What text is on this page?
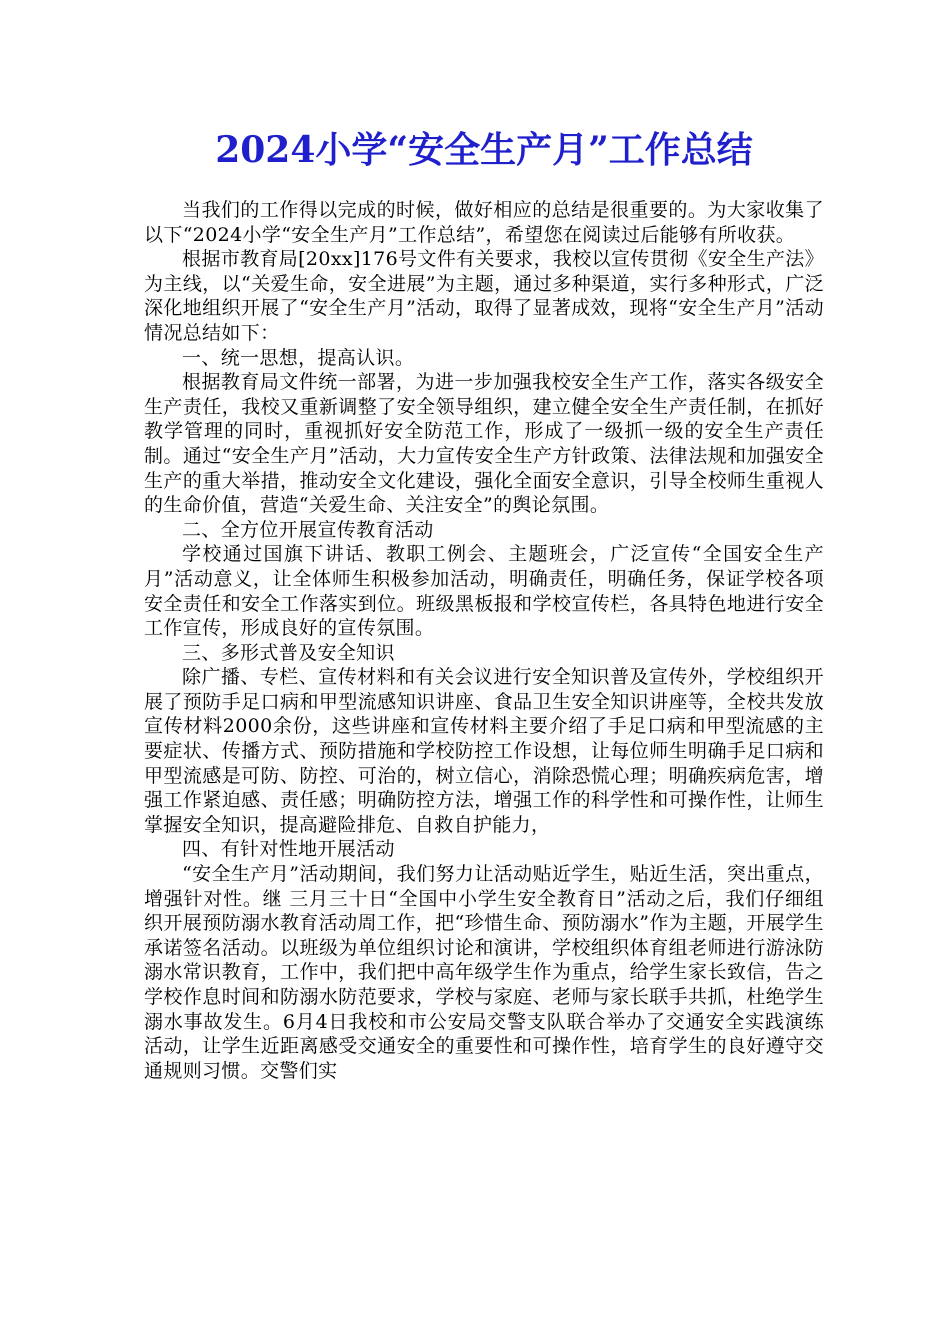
2024小学“安全生产月”工作总结

当我们的工作得以完成的时候，做好相应的总结是很重要的。为大家收集了以下“2024小学“安全生产月”工作总结”，希望您在阅读过后能够有所收获。

根据市教育局[20xx]176号文件有关要求，我校以宣传贯彻《安全生产法》为主线，以“关爱生命，安全进展”为主题，通过多种渠道，实行多种形式，广泛深化地组织开展了“安全生产月”活动，取得了显著成效，现将“安全生产月”活动情况总结如下：

一、统一思想，提高认识。

根据教育局文件统一部署，为进一步加强我校安全生产工作，落实各级安全生产责任，我校又重新调整了安全领导组织，建立健全安全生产责任制，在抓好教学管理的同时，重视抓好安全防范工作，形成了一级抓一级的安全生产责任制。通过“安全生产月”活动，大力宣传安全生产方针政策、法律法规和加强安全生产的重大举措，推动安全文化建设，强化全面安全意识，引导全校师生重视人的生命价值，营造“关爱生命、关注安全”的舆论氛围。

二、全方位开展宣传教育活动

学校通过国旗下讲话、教职工例会、主题班会，广泛宣传“全国安全生产月”活动意义，让全体师生积极参加活动，明确责任，明确任务，保证学校各项安全责任和安全工作落实到位。班级黑板报和学校宣传栏，各具特色地进行安全工作宣传，形成良好的宣传氛围。

三、多形式普及安全知识

除广播、专栏、宣传材料和有关会议进行安全知识普及宣传外，学校组织开展了预防手足口病和甲型流感知识讲座、食品卫生安全知识讲座等，全校共发放宣传材料2000余份，这些讲座和宣传材料主要介绍了手足口病和甲型流感的主要症状、传播方式、预防措施和学校防控工作设想，让每位师生明确手足口病和甲型流感是可防、防控、可治的，树立信心，消除恐慌心理；明确疾病危害，增强工作紧迫感、责任感；明确防控方法，增强工作的科学性和可操作性，让师生掌握安全知识，提高避险排危、自救自护能力，

四、有针对性地开展活动

“安全生产月”活动期间，我们努力让活动贴近学生，贴近生活，突出重点，增强针对性。继 三月三十日“全国中小学生安全教育日”活动之后，我们仔细组织开展预防溺水教育活动周工作，把“珍惜生命、预防溺水”作为主题，开展学生承诺签名活动。以班级为单位组织讨论和演讲，学校组织体育组老师进行游泳防溺水常识教育，工作中，我们把中高年级学生作为重点，给学生家长致信，告之学校作息时间和防溺水防范要求，学校与家庭、老师与家长联手共抓，杜绝学生溺水事故发生。6月4日我校和市公安局交警支队联合举办了交通安全实践演练活动，让学生近距离感受交通安全的重要性和可操作性，培育学生的良好遵守交通规则习惯。交警们实
